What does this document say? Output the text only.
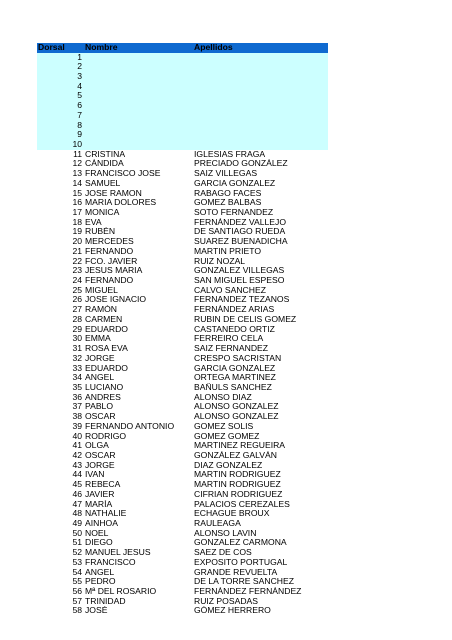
Dorsal	Nombre	Apellidos
1
2
3
4
5
6
7
8
9
10
11 CRISTINA	IGLESIAS FRAGA
12 CÁNDIDA	PRECIADO GONZÁLEZ
13 FRANCISCO JOSE	SAIZ VILLEGAS
14 SAMUEL	GARCIA GONZALEZ
15 JOSE RAMON	RABAGO FACES
16 MARIA DOLORES	GOMEZ BALBAS
17 MONICA	SOTO FERNANDEZ
18 EVA	FERNÁNDEZ VALLEJO
19 RUBÉN	DE SANTIAGO RUEDA
20 MERCEDES	SUAREZ BUENADICHA
21 FERNANDO	MARTIN PRIETO
22 FCO. JAVIER	RUIZ NOZAL
23 JESUS MARIA	GONZALEZ VILLEGAS
24 FERNANDO	SAN MIGUEL ESPESO
25 MIGUEL	CALVO SANCHEZ
26 JOSE IGNACIO	FERNANDEZ TEZANOS
27 RAMÓN	FERNÁNDEZ ARIAS
28 CARMEN	RUBIN DE CELIS GOMEZ
29 EDUARDO	CASTANEDO ORTIZ
30 EMMA	FERREIRO CELA
31 ROSA EVA	SAIZ FERNANDEZ
32 JORGE	CRESPO SACRISTAN
33 EDUARDO	GARCIA GONZALEZ
34 ANGEL	ORTEGA MARTINEZ
35 LUCIANO	BAÑULS SANCHEZ
36 ANDRES	ALONSO DIAZ
37 PABLO	ALONSO GONZALEZ
38 OSCAR	ALONSO GONZALEZ
39 FERNANDO ANTONIO	GOMEZ SOLIS
40 RODRIGO	GOMEZ GOMEZ
41 OLGA	MARTINEZ REGUEIRA
42 OSCAR	GONZÁLEZ GALVÁN
43 JORGE	DIAZ GONZALEZ
44 IVAN	MARTIN RODRIGUEZ
45 REBECA	MARTIN RODRIGUEZ
46 JAVIER	CIFRIAN RODRIGUEZ
47 MARÍA	PALACIOS CEREZALES
48 NATHALIE	ECHAGUE BROUX
49 AINHOA	RAULEAGA
50 NOEL	ALONSO LAVIN
51 DIEGO	GONZALEZ CARMONA
52 MANUEL JESUS	SAEZ DE COS
53 FRANCISCO	EXPOSITO PORTUGAL
54 ANGEL	GRANDE REVUELTA
55 PEDRO	DE LA TORRE SANCHEZ
56 Mª DEL ROSARIO	FERNÁNDEZ FERNÁNDEZ
57 TRINIDAD	RUIZ POSADAS
58 JOSÉ	GÓMEZ HERRERO
